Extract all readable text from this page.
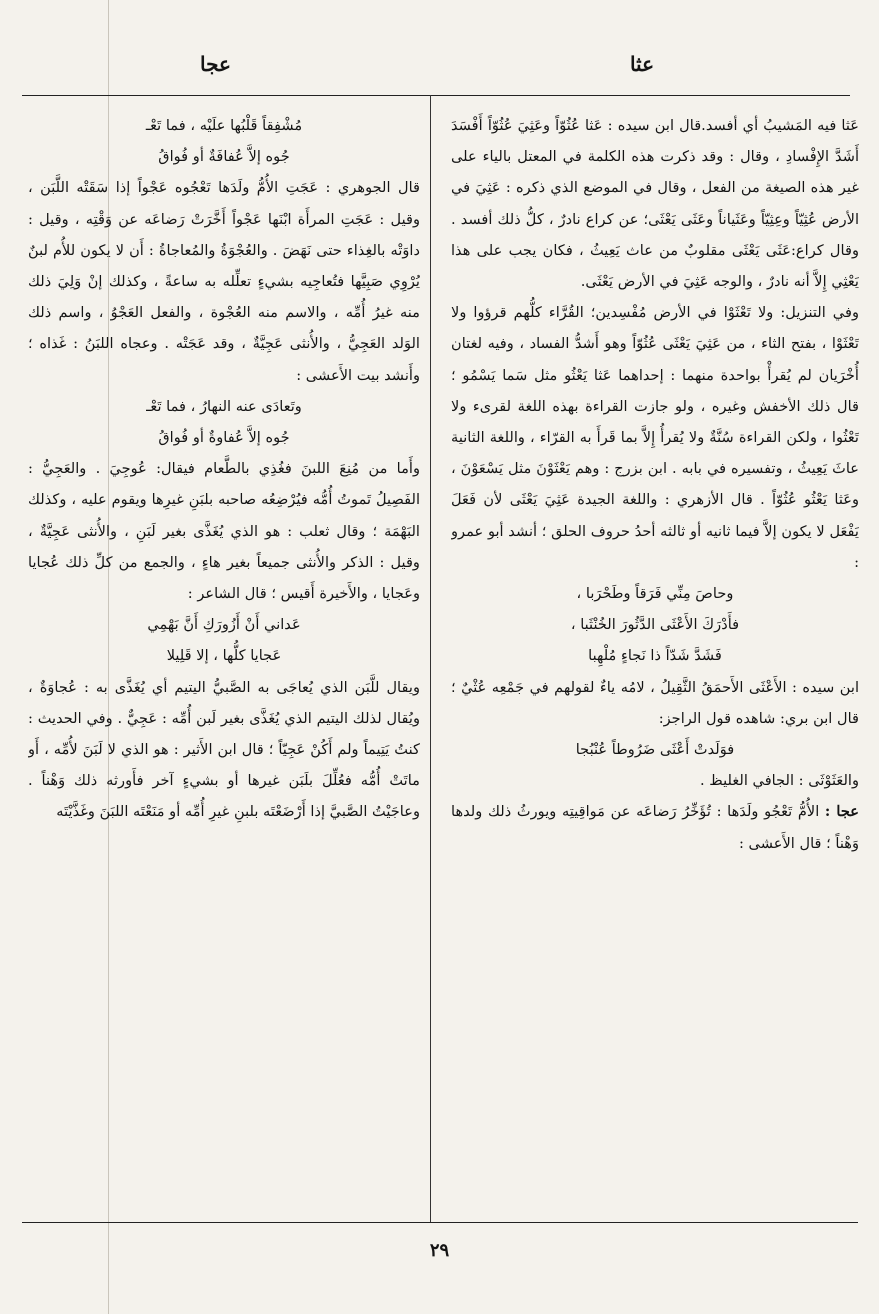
عثا
عجا

عَثا فيه المَشيبُ أي أفسد.قال ابن سيده : عَثا عُثُوّاً وعَثِيَ عُثُوّاً أَفْسَدَ أَشَدَّ الإِفْسادِ ، وقال : وقد ذكرت هذه الكلمة في المعتل بالياء على غير هذه الصيغة من الفعل ، وقال في الموضع الذي ذكره : عَثِيَ في الأرض عُثِيّاً وعِثِيّاً وعَثَياناً وعَثَى يَعْثَى؛ عن كراع نادرٌ ، كلُّ ذلك أفسد . وقال كراع:عَثَى يَعْثَى مقلوبٌ من عاث يَعِيثُ ، فكان يجب على هذا يَعْثِي إِلاَّ أنه نادرٌ ، والوجه عَثِيَ في الأرض يَعْثَى.

وفي التنزيل: ولا تَعْثَوْا في الأرض مُفْسِدين؛ القُرَّاء كلُّهم قرؤوا ولا تَعْثَوْا ، بفتح الثاء ، من عَثِيَ يَعْثَى عُثُوّاً وهو أَشدُّ الفساد ، وفيه لغتان أُخْرَيان لم يُقرأْ بواحدة منهما : إحداهما عَثا يَعْثُو مثل سَما يَسْمُو ؛ قال ذلك الأخفش وغيره ، ولو جازت القراءة بهذه اللغة لقرىء ولا تَعْثُوا ، ولكن القراءة سُنَّةٌ ولا يُقرأُ إِلاَّ بما قَرأَ به القرّاء ، واللغة الثانية عاثَ يَعِيثُ ، وتفسيره في بابه . ابن بزرج : وهم يَعْثَوْنَ مثل يَسْعَوْنَ ، وعَثا يَعْثُو عُثُوّاً . قال الأزهري : واللغة الجيدة عَثِيَ يَعْثَى لأن فَعَلَ يَفْعَل لا يكون إلاَّ فيما ثانيه أو ثالثه أحدُ حروف الحلق ؛ أنشد أبو عمرو :

وحاصَ مِنِّي فَرَقاً وطَحْرَبا ،

فأَدْرَكَ الأَعْثَى الدَّثُورَ الخُنْثَبا ،

فَشَدَّ شَدّاً ذا نَجاءٍ مُلْهِبا

ابن سيده : الأَعْثَى الأَحمَقُ الثَّقِيلُ ، لامُه ياءٌ لقولهم في جَمْعِه عُثْيٌ ؛ قال ابن بري: شاهده قول الراجز:

فوَلَدتْ أَعْثَى ضَرُوطاً عُنْبُجا

والعَثَوْثَى : الجافي الغليظ .

عجا : الأُمُّ تَعْجُو ولَدَها : تُؤَخِّرُ رَضاعَه عن مَواقِيتِه ويورثُ ذلك ولدها وَهْناً ؛ قال الأَعشى :

مُشْفِقاً قَلْبُها علَيْه ، فما تَعْـ

جُوه إلاَّ عُفافَةٌ أو فُواقُ

قال الجوهري : عَجَتِ الأُمُّ ولَدَها تَعْجُوه عَجْواً إذا سَقَتْه اللَّبَن ، وقيل : عَجَتِ المرأَة ابْنَها عَجْواً أَخَّرَتْ رَضاعَه عن وَقْتِه ، وقيل : داوَتْه بالغِذاء حتى نَهَضَ . والعُجْوَةُ والمُعاجاةُ : أَن لا يكون للأُم لبنٌ يُرْوِي صَبِيَّها فتُعاجِيه بشيءٍ تعلِّله به ساعةً ، وكذلك إنْ وَلِيَ ذلك منه غيرُ أُمِّه ، والاسم منه العُجْوة ، والفعل العَجْوُ ، واسم ذلك الوَلد العَجِيُّ ، والأُنثى عَجِيَّةٌ ، وقد عَجَتْه . وعجاه اللبَنُ : غَذاه ؛ وأَنشد بيت الأَعشى :

وتَعادَى عنه النهارُ ، فما تَعْـ

جُوه إلاَّ عُفاوةٌ أو فُواقُ

وأَما من مُنِعَ اللبنَ فغُذِي بالطَّعام فيقال: عُوجِيَ . والعَجِيُّ : الفَصِيلُ تَموتُ أُمُّه فيُرْضِعُه صاحبه بلبَنِ غيرِها ويقوم عليه ، وكذلك البَهْمَة ؛ وقال ثعلب : هو الذي يُغَذَّى بغير لَبَنِ ، والأُنثى عَجِيَّةٌ ، وقيل : الذكر والأُنثى جميعاً بغير هاءٍ ، والجمع من كلِّ ذلك عُجايا وعَجايا ، والأَخيرة أَقيس ؛ قال الشاعر :

عَداني أَنْ أَزُورَكِ أَنَّ بَهْمِي

عَجايا كلُّها ، إلا قَلِيلا

ويقال للَّبَن الذي يُعاجَى به الصَّبيُّ اليتيم أي يُغَذَّى به : عُجاوَةٌ ، ويُقال لذلك اليتيم الذي يُغَذَّى بغير لَبن أُمِّه : عَجِيٌّ . وفي الحديث : كنتُ يَتِيماً ولم أَكُنْ عَجِيّاً ؛ قال ابن الأَثير : هو الذي لا لَبَنَ لأُمِّه ، أَو ماتَتْ أُمُّه فعُلِّلَ بلَبَن غيرها أو بشيءٍ آخر فأَورثه ذلك وَهْناً . وعاجَيْتُ الصَّبيَّ إذا أَرْضَعْتَه بلبنِ غيرِ أُمِّه أو مَنَعْتَه اللبَنَ وغَذَّيْتَه

٢٩
